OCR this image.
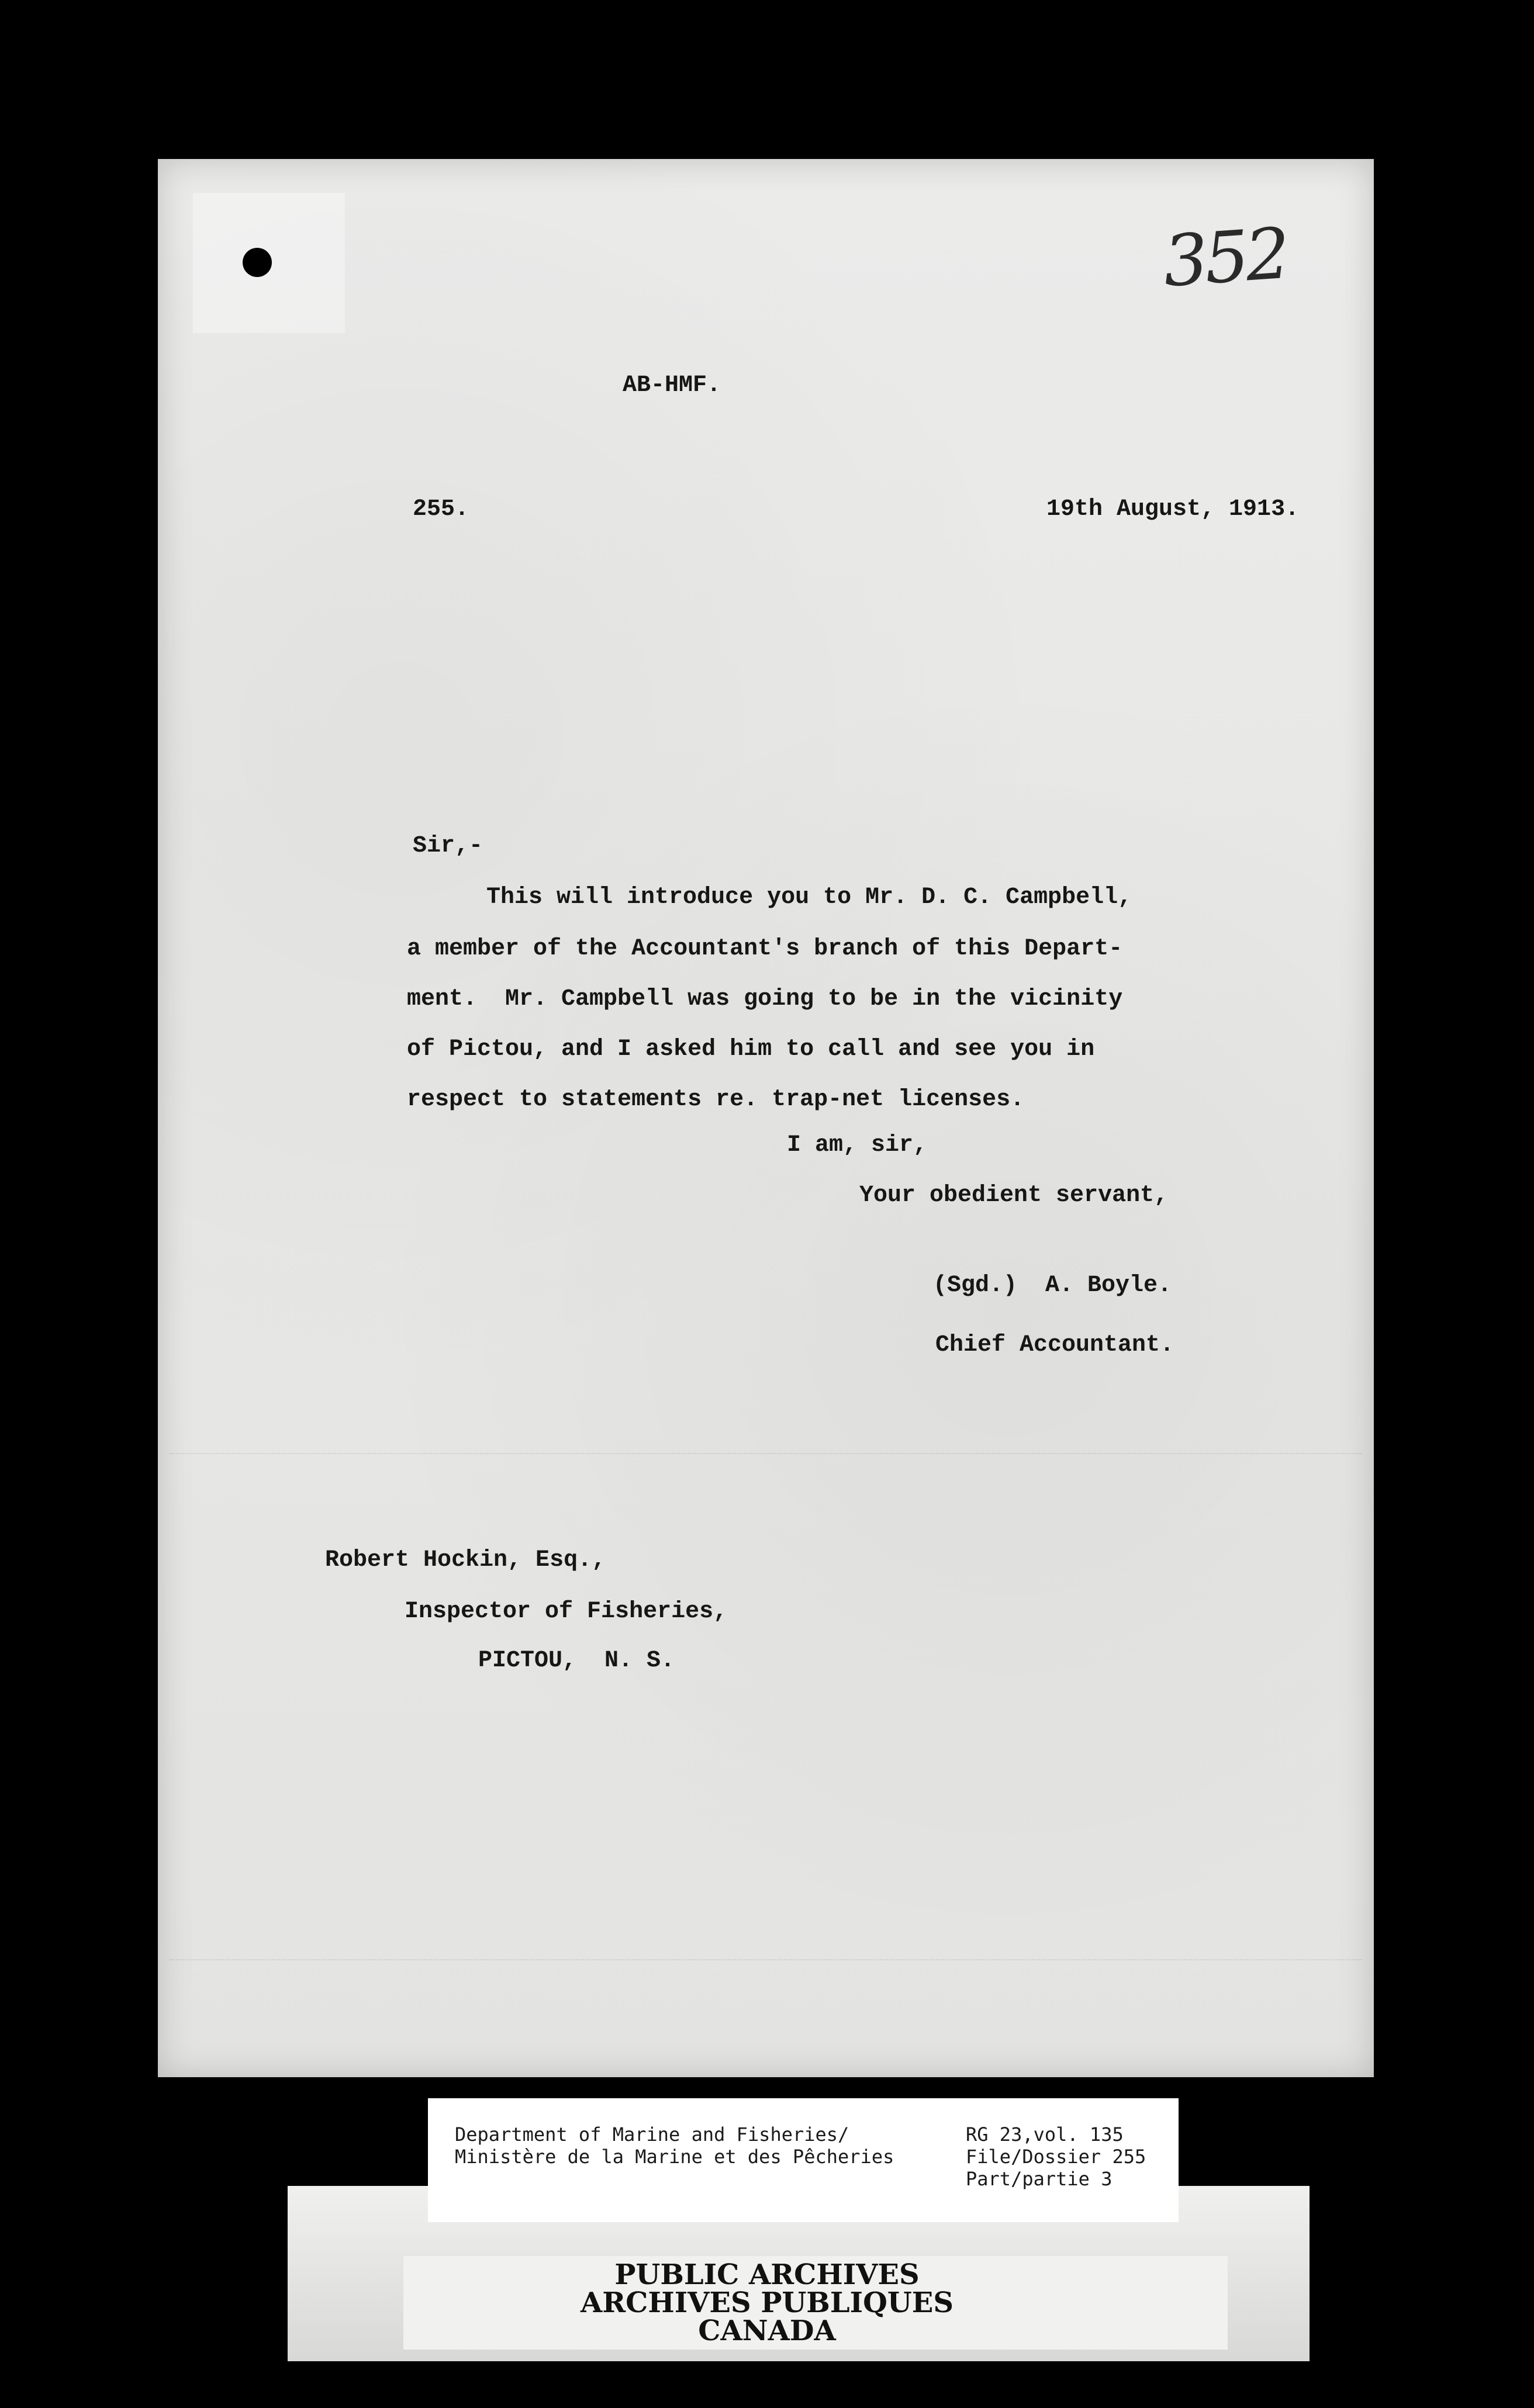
352
AB-HMF.
255.	19th August, 1913.
Sir,-
This will introduce you to Mr. D. C. Campbell,
a member of the Accountant's branch of this Depart-
ment.  Mr. Campbell was going to be in the vicinity
of Pictou, and I asked him to call and see you in
respect to statements re. trap-net licenses.
I am, sir,
Your obedient servant,
(Sgd.)  A. Boyle.
Chief Accountant.
Robert Hockin, Esq.,
Inspector of Fisheries,
PICTOU,  N. S.
Department of Marine and Fisheries/
Ministère de la Marine et des Pêcheries
RG 23,vol. 135
File/Dossier 255
Part/partie 3
PUBLIC ARCHIVES
ARCHIVES PUBLIQUES
CANADA
